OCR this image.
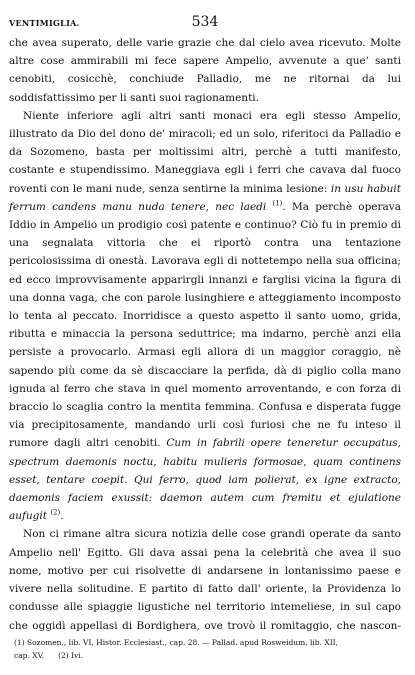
VENTIMIGLIA.	534

che avea superato, delle varie grazie che dal cielo avea ricevuto. Molte altre cose ammirabili mi fece sapere Ampelio, avvenute a que' santi cenobiti, cosicchè, conchiude Palladio, me ne ritornai da lui soddisfattissimo per li santi suoi ragionamenti.

Niente inferiore agli altri santi monaci era egli stesso Ampelio, illustrato da Dio del dono de' miracoli; ed un solo, riferitoci da Palladio e da Sozomeno, basta per moltissimi altri, perchè a tutti manifesto, costante e stupendissimo. Maneggiava egli i ferri che cavava dal fuoco roventi con le mani nude, senza sentirne la minima lesione: in usu habuit ferrum candens manu nuda tenere, nec laedi $^{(1)}$. Ma perchè operava Iddio in Ampelio un prodigio così patente e continuo? Ciò fu in premio di una segnalata vittoria che ei riportò contra una tentazione pericolosissima di onestà. Lavorava egli di nottetempo nella sua officina; ed ecco improvvisamente apparirgli innanzi e farglisi vicina la figura di una donna vaga, che con parole lusinghiere e atteggiamento incomposto lo tenta al peccato. Inorridisce a questo aspetto il santo uomo, grida, ributta e minaccia la persona seduttrice; ma indarno, perchè anzi ella persiste a provocarlo. Armasi egli allora di un maggior coraggio, nè sapendo più come da sè discacciare la perfida, dà di piglio colla mano ignuda al ferro che stava in quel momento arroventando, e con forza di braccio lo scaglia contro la mentita femmina. Confusa e disperata fugge via precipitosamente, mandando urli così furiosi che ne fu inteso il rumore dagli altri cenobiti. Cum in fabrili opere teneretur occupatus, spectrum daemonis noctu, habitu mulieris formosae, quam continens esset, tentare coepit. Qui ferro, quod iam polierat, ex igne extracto, daemonis faciem exussit: daemon autem cum fremitu et ejulatione aufugit $^{(2)}$.

Non ci rimane altra sicura notizia delle cose grandi operate da santo Ampelio nell' Egitto. Gli dava assai pena la celebrità che avea il suo nome, motivo per cui risolvette di andarsene in lontanissimo paese e vivere nella solitudine. E partito di fatto dall' oriente, la Providenza lo condusse alle spiaggie ligustiche nel territorio intemeliese, in sul capo che oggidì appellasi di Bordighera, ove trovò il romitaggio, che nascon-

(1) Sozomen., lib. VI, Histor. Ecclesiast., cap. 28. — Pallad. apud Rosweidum, lib. XII,
cap. XV. (2) Ivi.
